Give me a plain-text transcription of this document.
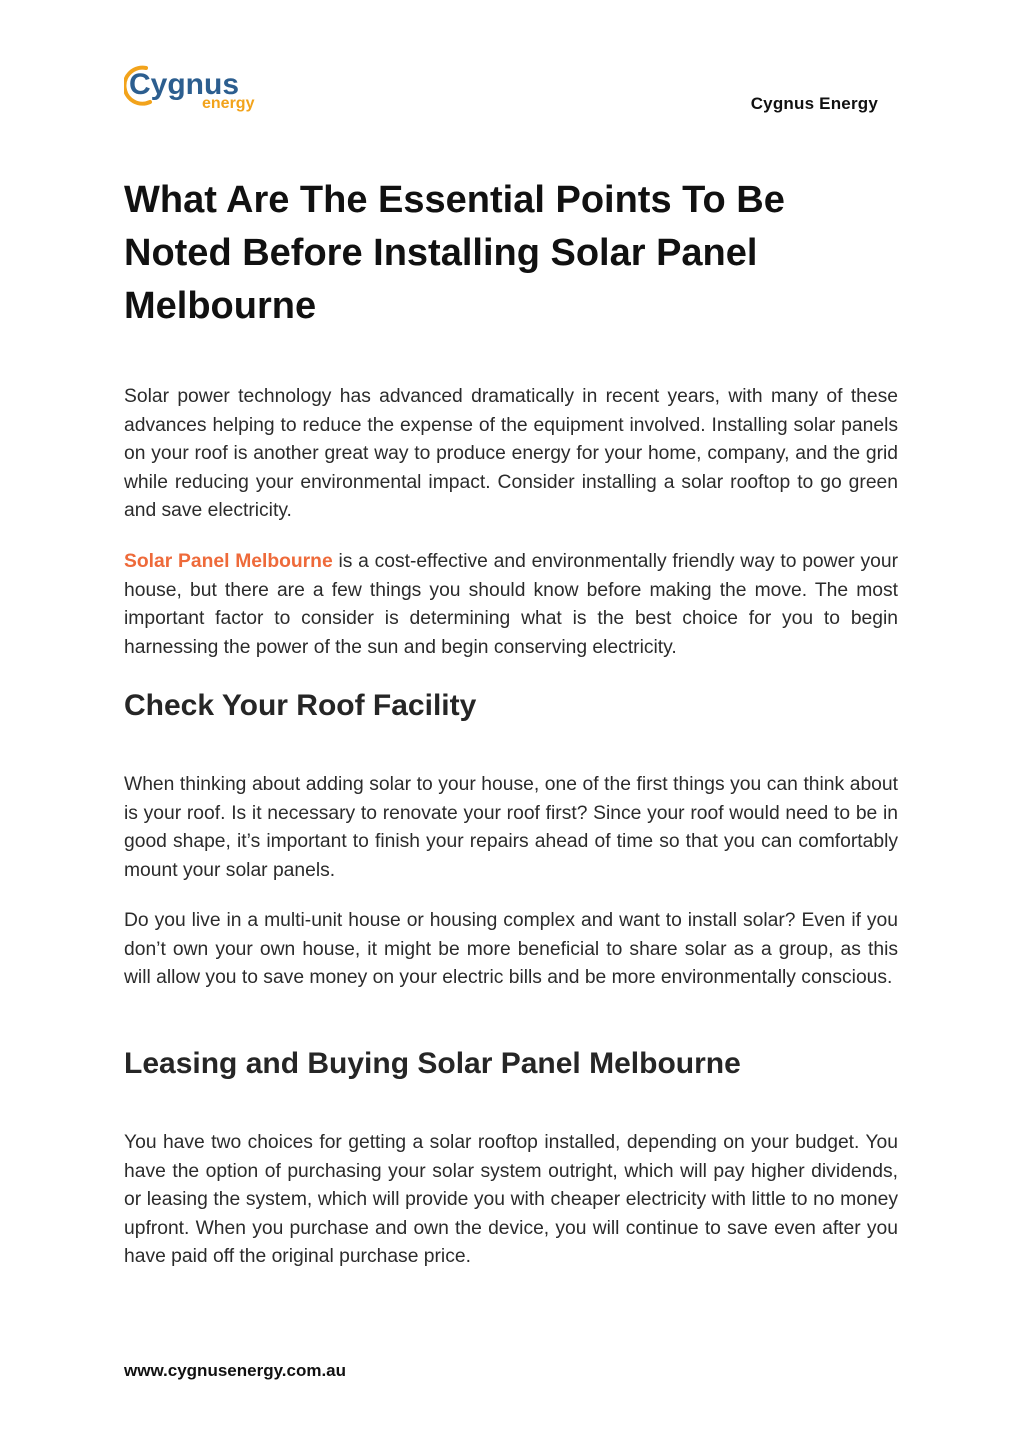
Cygnus
energy	Cygnus Energy
What Are The Essential Points To Be Noted Before Installing Solar Panel Melbourne

Solar power technology has advanced dramatically in recent years, with many of these advances helping to reduce the expense of the equipment involved. Installing solar panels on your roof is another great way to produce energy for your home, company, and the grid while reducing your environmental impact. Consider installing a solar rooftop to go green and save electricity.

Solar Panel Melbourne is a cost-effective and environmentally friendly way to power your house, but there are a few things you should know before making the move. The most important factor to consider is determining what is the best choice for you to begin harnessing the power of the sun and begin conserving electricity.

Check Your Roof Facility

When thinking about adding solar to your house, one of the first things you can think about is your roof. Is it necessary to renovate your roof first? Since your roof would need to be in good shape, it’s important to finish your repairs ahead of time so that you can comfortably mount your solar panels.

Do you live in a multi-unit house or housing complex and want to install solar? Even if you don’t own your own house, it might be more beneficial to share solar as a group, as this will allow you to save money on your electric bills and be more environmentally conscious.

Leasing and Buying Solar Panel Melbourne

You have two choices for getting a solar rooftop installed, depending on your budget. You have the option of purchasing your solar system outright, which will pay higher dividends, or leasing the system, which will provide you with cheaper electricity with little to no money upfront. When you purchase and own the device, you will continue to save even after you have paid off the original purchase price.

www.cygnusenergy.com.au
